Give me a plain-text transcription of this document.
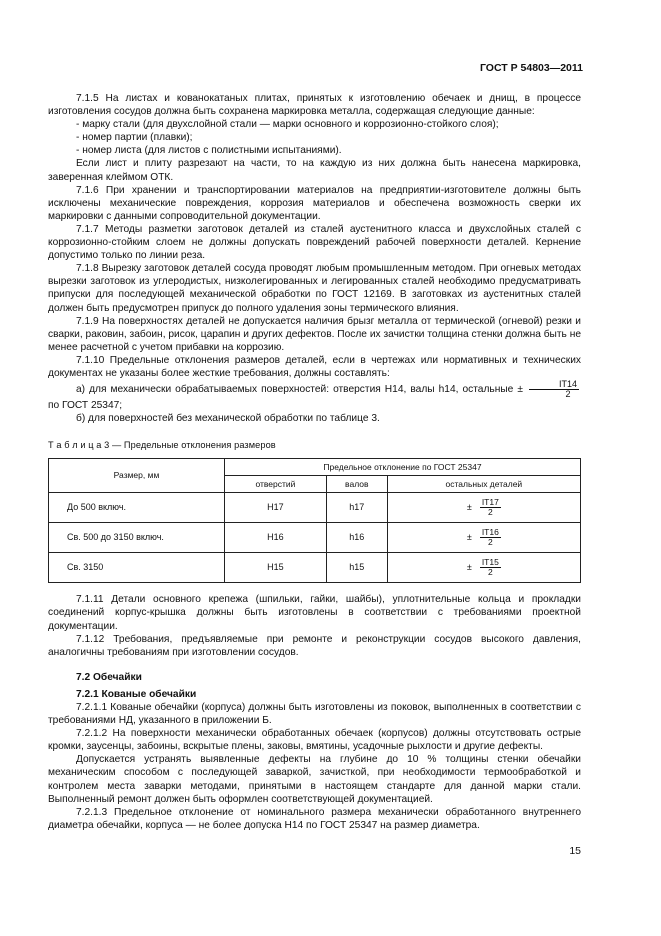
ГОСТ Р 54803—2011

7.1.5 На листах и кованокатаных плитах, принятых к изготовлению обечаек и днищ, в процессе изготовления сосудов должна быть сохранена маркировка металла, содержащая следующие данные:

- марку стали (для двухслойной стали — марки основного и коррозионно-стойкого слоя);

- номер партии (плавки);

- номер листа (для листов с полистными испытаниями).

Если лист и плиту разрезают на части, то на каждую из них должна быть нанесена маркировка, заверенная клеймом ОТК.

7.1.6 При хранении и транспортировании материалов на предприятии-изготовителе должны быть исключены механические повреждения, коррозия материалов и обеспечена возможность сверки их маркировки с данными сопроводительной документации.

7.1.7 Методы разметки заготовок деталей из сталей аустенитного класса и двухслойных сталей с коррозионно-стойким слоем не должны допускать повреждений рабочей поверхности деталей. Кернение допустимо только по линии реза.

7.1.8 Вырезку заготовок деталей сосуда проводят любым промышленным методом. При огневых методах вырезки заготовок из углеродистых, низколегированных и легированных сталей необходимо предусматривать припуски для последующей механической обработки по ГОСТ 12169. В заготовках из аустенитных сталей должен быть предусмотрен припуск до полного удаления зоны термического влияния.

7.1.9 На поверхностях деталей не допускается наличия брызг металла от термической (огневой) резки и сварки, раковин, забоин, рисок, царапин и других дефектов. После их зачистки толщина стенки должна быть не менее расчетной с учетом прибавки на коррозию.

7.1.10 Предельные отклонения размеров деталей, если в чертежах или нормативных и технических документах не указаны более жесткие требования, должны составлять:

а) для механически обрабатываемых поверхностей: отверстия H14, валы h14, остальные ± $\frac{IT14}{2}$
по ГОСТ 25347;

б) для поверхностей без механической обработки по таблице 3.

Т а б л и ц а 3 — Предельные отклонения размеров
Размер, мм	Предельное отклонение по ГОСТ 25347		
	отверстий	валов	остальных деталей
До 500 включ.	H17	h17	± $\frac{IT17}{2}$

Св. 500 до 3150 включ.	H16	h16	± $\frac{IT16}{2}$

Св. 3150	H15	h15	± $\frac{IT15}{2}$

7.1.11 Детали основного крепежа (шпильки, гайки, шайбы), уплотнительные кольца и прокладки соединений корпус-крышка должны быть изготовлены в соответствии с требованиями проектной документации.

7.1.12 Требования, предъявляемые при ремонте и реконструкции сосудов высокого давления, аналогичны требованиям при изготовлении сосудов.

7.2 Обечайки
7.2.1 Кованые обечайки

7.2.1.1 Кованые обечайки (корпуса) должны быть изготовлены из поковок, выполненных в соответствии с требованиями НД, указанного в приложении Б.

7.2.1.2 На поверхности механически обработанных обечаек (корпусов) должны отсутствовать острые кромки, заусенцы, забоины, вскрытые плены, заковы, вмятины, усадочные рыхлости и другие дефекты.

Допускается устранять выявленные дефекты на глубине до 10 % толщины стенки обечайки механическим способом с последующей заваркой, зачисткой, при необходимости термообработкой и контролем места заварки методами, принятыми в настоящем стандарте для данной марки стали. Выполненный ремонт должен быть оформлен соответствующей документацией.

7.2.1.3 Предельное отклонение от номинального размера механически обработанного внутреннего диаметра обечайки, корпуса — не более допуска H14 по ГОСТ 25347 на размер диаметра.

15
